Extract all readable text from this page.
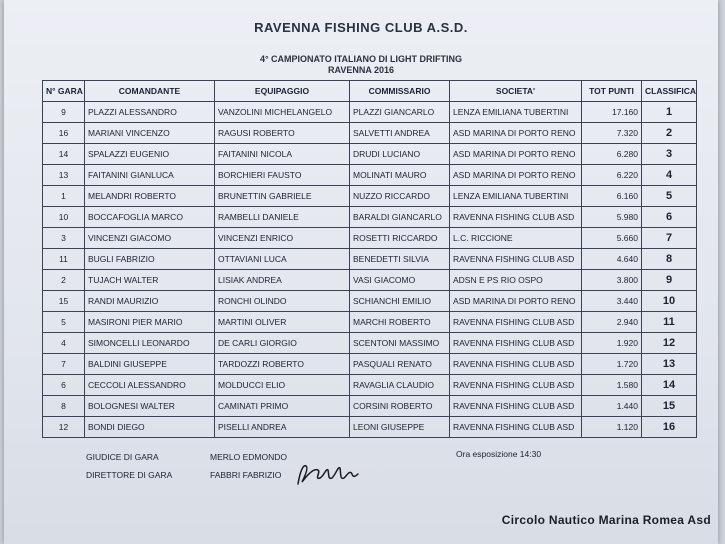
RAVENNA FISHING CLUB A.S.D.
4° CAMPIONATO ITALIANO DI LIGHT DRIFTING
RAVENNA 2016
N° GARA	COMANDANTE	EQUIPAGGIO	COMMISSARIO	SOCIETA'	TOT PUNTI	CLASSIFICA
9	PLAZZI ALESSANDRO	VANZOLINI MICHELANGELO	PLAZZI GIANCARLO	LENZA EMILIANA TUBERTINI	17.160	1
16	MARIANI VINCENZO	RAGUSI ROBERTO	SALVETTI ANDREA	ASD MARINA DI PORTO RENO	7.320	2
14	SPALAZZI EUGENIO	FAITANINI NICOLA	DRUDI LUCIANO	ASD MARINA DI PORTO RENO	6.280	3
13	FAITANINI GIANLUCA	BORCHIERI FAUSTO	MOLINATI MAURO	ASD MARINA DI PORTO RENO	6.220	4
1	MELANDRI ROBERTO	BRUNETTIN GABRIELE	NUZZO RICCARDO	LENZA EMILIANA TUBERTINI	6.160	5
10	BOCCAFOGLIA MARCO	RAMBELLI DANIELE	BARALDI GIANCARLO	RAVENNA FISHING CLUB ASD	5.980	6
3	VINCENZI GIACOMO	VINCENZI ENRICO	ROSETTI RICCARDO	L.C. RICCIONE	5.660	7
11	BUGLI FABRIZIO	OTTAVIANI LUCA	BENEDETTI SILVIA	RAVENNA FISHING CLUB ASD	4.640	8
2	TUJACH WALTER	LISIAK ANDREA	VASI GIACOMO	ADSN E PS RIO OSPO	3.800	9
15	RANDI MAURIZIO	RONCHI OLINDO	SCHIANCHI EMILIO	ASD MARINA DI PORTO RENO	3.440	10
5	MASIRONI PIER MARIO	MARTINI OLIVER	MARCHI ROBERTO	RAVENNA FISHING CLUB ASD	2.940	11
4	SIMONCELLI LEONARDO	DE CARLI GIORGIO	SCENTONI MASSIMO	RAVENNA FISHING CLUB ASD	1.920	12
7	BALDINI GIUSEPPE	TARDOZZI ROBERTO	PASQUALI RENATO	RAVENNA FISHING CLUB ASD	1.720	13
6	CECCOLI ALESSANDRO	MOLDUCCI ELIO	RAVAGLIA CLAUDIO	RAVENNA FISHING CLUB ASD	1.580	14
8	BOLOGNESI WALTER	CAMINATI PRIMO	CORSINI ROBERTO	RAVENNA FISHING CLUB ASD	1.440	15
12	BONDI DIEGO	PISELLI ANDREA	LEONI GIUSEPPE	RAVENNA FISHING CLUB ASD	1.120	16
GIUDICE DI GARA	MERLO EDMONDO
DIRETTORE DI GARA	FABBRI FABRIZIO
Ora esposizione 14:30
Circolo Nautico Marina Romea Asd
